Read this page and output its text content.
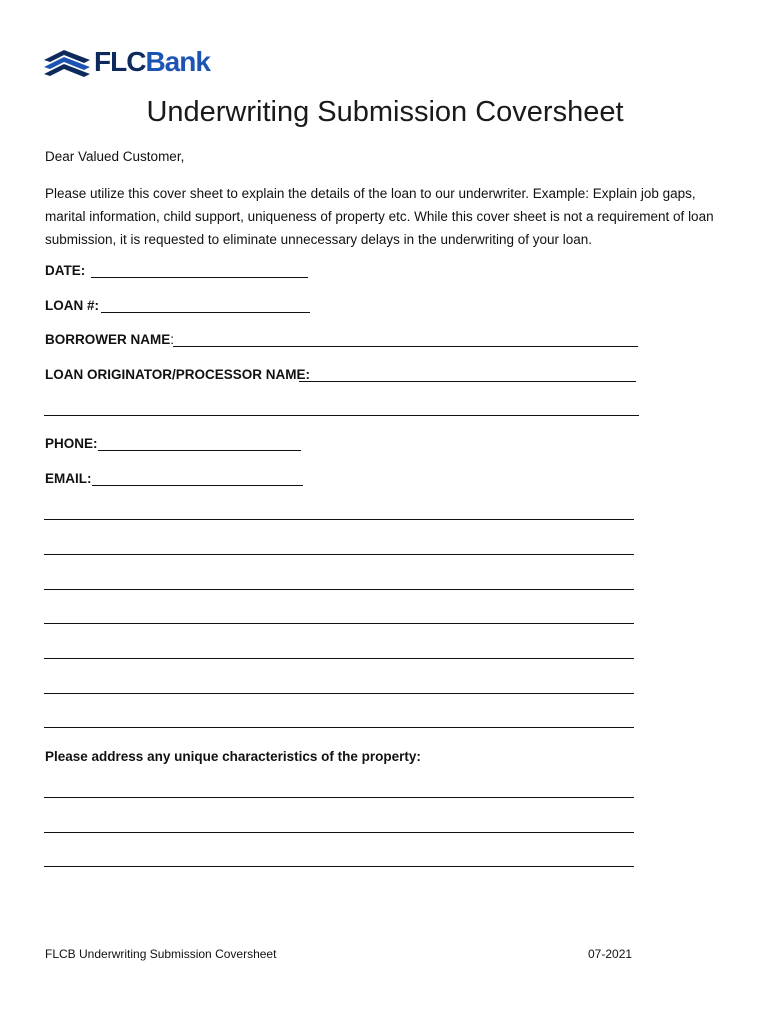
FLCBank
Underwriting Submission Coversheet
Dear Valued Customer,
Please utilize this cover sheet to explain the details of the loan to our underwriter. Example: Explain job gaps, marital information, child support, uniqueness of property etc. While this cover sheet is not a requirement of loan submission, it is requested to eliminate unnecessary delays in the underwriting of your loan.
DATE:
LOAN #:
BORROWER NAME:
LOAN ORIGINATOR/PROCESSOR NAME:
PHONE:
EMAIL:
Please address any unique characteristics of the property:
FLCB Underwriting Submission Coversheet	07-2021
